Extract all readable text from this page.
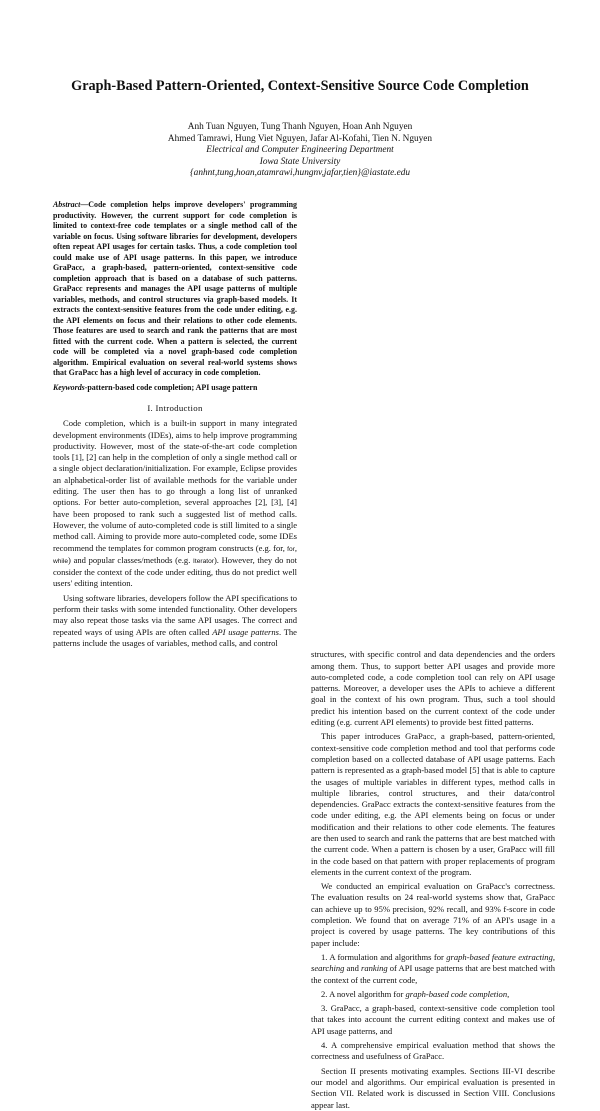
Graph-Based Pattern-Oriented, Context-Sensitive Source Code Completion
Anh Tuan Nguyen, Tung Thanh Nguyen, Hoan Anh Nguyen
Ahmed Tamrawi, Hung Viet Nguyen, Jafar Al-Kofahi, Tien N. Nguyen
Electrical and Computer Engineering Department
Iowa State University
{anhnt,tung,hoan,atamrawi,hungnv,jafar,tien}@iastate.edu

Abstract—Code completion helps improve developers' programming productivity. However, the current support for code completion is limited to context-free code templates or a single method call of the variable on focus. Using software libraries for development, developers often repeat API usages for certain tasks. Thus, a code completion tool could make use of API usage patterns. In this paper, we introduce GraPacc, a graph-based, pattern-oriented, context-sensitive code completion approach that is based on a database of such patterns. GraPacc represents and manages the API usage patterns of multiple variables, methods, and control structures via graph-based models. It extracts the context-sensitive features from the code under editing, e.g. the API elements on focus and their relations to other code elements. Those features are used to search and rank the patterns that are most fitted with the current code. When a pattern is selected, the current code will be completed via a novel graph-based code completion algorithm. Empirical evaluation on several real-world systems shows that GraPacc has a high level of accuracy in code completion.

Keywords-pattern-based code completion; API usage pattern
I. Introduction

Code completion, which is a built-in support in many integrated development environments (IDEs), aims to help improve programming productivity. However, most of the state-of-the-art code completion tools [1], [2] can help in the completion of only a single method call or a single object declaration/initialization. For example, Eclipse provides an alphabetical-order list of available methods for the variable under editing. The user then has to go through a long list of unranked options. For better auto-completion, several approaches [2], [3], [4] have been proposed to rank such a suggested list of method calls. However, the volume of auto-completed code is still limited to a single method call. Aiming to provide more auto-completed code, some IDEs recommend the templates for common program constructs (e.g. for, for, while) and popular classes/methods (e.g. Iterator). However, they do not consider the context of the code under editing, thus do not predict well users' editing intention.

Using software libraries, developers follow the API specifications to perform their tasks with some intended functionality. Other developers may also repeat those tasks via the same API usages. The correct and repeated ways of using APIs are often called API usage patterns. The patterns include the usages of variables, method calls, and control

structures, with specific control and data dependencies and the orders among them. Thus, to support better API usages and provide more auto-completed code, a code completion tool can rely on API usage patterns. Moreover, a developer uses the APIs to achieve a different goal in the context of his own program. Thus, such a tool should predict his intention based on the current context of the code under editing (e.g. current API elements) to provide best fitted patterns.

This paper introduces GraPacc, a graph-based, pattern-oriented, context-sensitive code completion method and tool that performs code completion based on a collected database of API usage patterns. Each pattern is represented as a graph-based model [5] that is able to capture the usages of multiple variables in different types, method calls in multiple libraries, control structures, and their data/control dependencies. GraPacc extracts the context-sensitive features from the code under editing, e.g. the API elements being on focus or under modification and their relations to other code elements. The features are then used to search and rank the patterns that are best matched with the current code. When a pattern is chosen by a user, GraPacc will fill in the code based on that pattern with proper replacements of program elements in the current context of the program.

We conducted an empirical evaluation on GraPacc's correctness. The evaluation results on 24 real-world systems show that, GraPacc can achieve up to 95% precision, 92% recall, and 93% f-score in code completion. We found that on average 71% of an API's usage in a project is covered by usage patterns. The key contributions of this paper include:

1. A formulation and algorithms for graph-based feature extracting, searching and ranking of API usage patterns that are best matched with the context of the current code,

2. A novel algorithm for graph-based code completion,

3. GraPacc, a graph-based, context-sensitive code completion tool that takes into account the current editing context and makes use of API usage patterns, and

4. A comprehensive empirical evaluation method that shows the correctness and usefulness of GraPacc.

Section II presents motivating examples. Sections III-VI describe our model and algorithms. Our empirical evaluation is presented in Section VII. Related work is discussed in Section VIII. Conclusions appear last.
